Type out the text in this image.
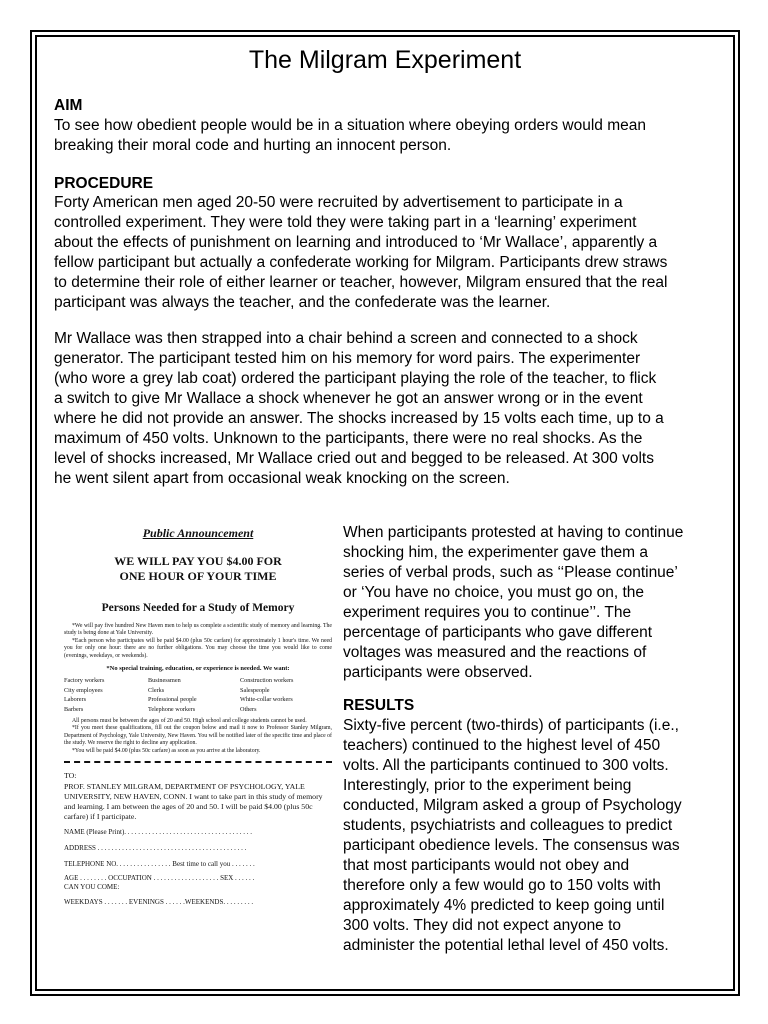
The Milgram Experiment
AIM
To see how obedient people would be in a situation where obeying orders would mean
breaking their moral code and hurting an innocent person.
PROCEDURE
Forty American men aged 20-50 were recruited by advertisement to participate in a
controlled experiment. They were told they were taking part in a ‘learning’ experiment
about the effects of punishment on learning and introduced to ‘Mr Wallace’, apparently a
fellow participant but actually a confederate working for Milgram. Participants drew straws
to determine their role of either learner or teacher, however, Milgram ensured that the real
participant was always the teacher, and the confederate was the learner.
Mr Wallace was then strapped into a chair behind a screen and connected to a shock
generator. The participant tested him on his memory for word pairs. The experimenter
(who wore a grey lab coat) ordered the participant playing the role of the teacher, to flick
a switch to give Mr Wallace a shock whenever he got an answer wrong or in the event
where he did not provide an answer. The shocks increased by 15 volts each time, up to a
maximum of 450 volts. Unknown to the participants, there were no real shocks. As the
level of shocks increased, Mr Wallace cried out and begged to be released. At 300 volts
he went silent apart from occasional weak knocking on the screen.
When participants protested at having to continue
shocking him, the experimenter gave them a
series of verbal prods, such as ‘‘Please continue’
or ‘You have no choice, you must go on, the
experiment requires you to continue’’. The
percentage of participants who gave different
voltages was measured and the reactions of
participants were observed.
RESULTS
Sixty-five percent (two-thirds) of participants (i.e.,
teachers) continued to the highest level of 450
volts. All the participants continued to 300 volts.
Interestingly, prior to the experiment being
conducted, Milgram asked a group of Psychology
students, psychiatrists and colleagues to predict
participant obedience levels. The consensus was
that most participants would not obey and
therefore only a few would go to 150 volts with
approximately 4% predicted to keep going until
300 volts. They did not expect anyone to
administer the potential lethal level of 450 volts.
Public Announcement
WE WILL PAY YOU $4.00 FOR
ONE HOUR OF YOUR TIME
Persons Needed for a Study of Memory

*We will pay five hundred New Haven men to help us complete a scientific study of memory and learning. The study is being done at Yale University.

*Each person who participates will be paid $4.00 (plus 50c carfare) for approximately 1 hour's time. We need you for only one hour: there are no further obligations. You may choose the time you would like to come (evenings, weekdays, or weekends).

*No special training, education, or experience is needed. We want:
Factory workers	Businessmen	Construction workers
City employees	Clerks	Salespeople
Laborers	Professional people	White-collar workers
Barbers	Telephone workers	Others

All persons must be between the ages of 20 and 50. High school and college students cannot be used.

*If you meet these qualifications, fill out the coupon below and mail it now to Professor Stanley Milgram, Department of Psychology, Yale University, New Haven. You will be notified later of the specific time and place of the study. We reserve the right to decline any application.

*You will be paid $4.00 (plus 50c carfare) as soon as you arrive at the laboratory.

TO:
PROF. STANLEY MILGRAM, DEPARTMENT OF PSYCHOLOGY, YALE UNIVERSITY, NEW HAVEN, CONN. I want to take part in this study of memory and learning. I am between the ages of 20 and 50. I will be paid $4.00 (plus 50c carfare) if I participate.
NAME (Please Print). . . . . . . . . . . . . . . . . . . . . . . . . . . . . . . . . . . . .
ADDRESS . . . . . . . . . . . . . . . . . . . . . . . . . . . . . . . . . . . . . . . . . . .
TELEPHONE NO. . . . . . . . . . . . . . . . Best time to call you . . . . . . .
AGE . . . . . . . . OCCUPATION . . . . . . . . . . . . . . . . . . . SEX . . . . . .
CAN YOU COME:
WEEKDAYS . . . . . . . EVENINGS . . . . . .WEEKENDS. . . . . . . . .
